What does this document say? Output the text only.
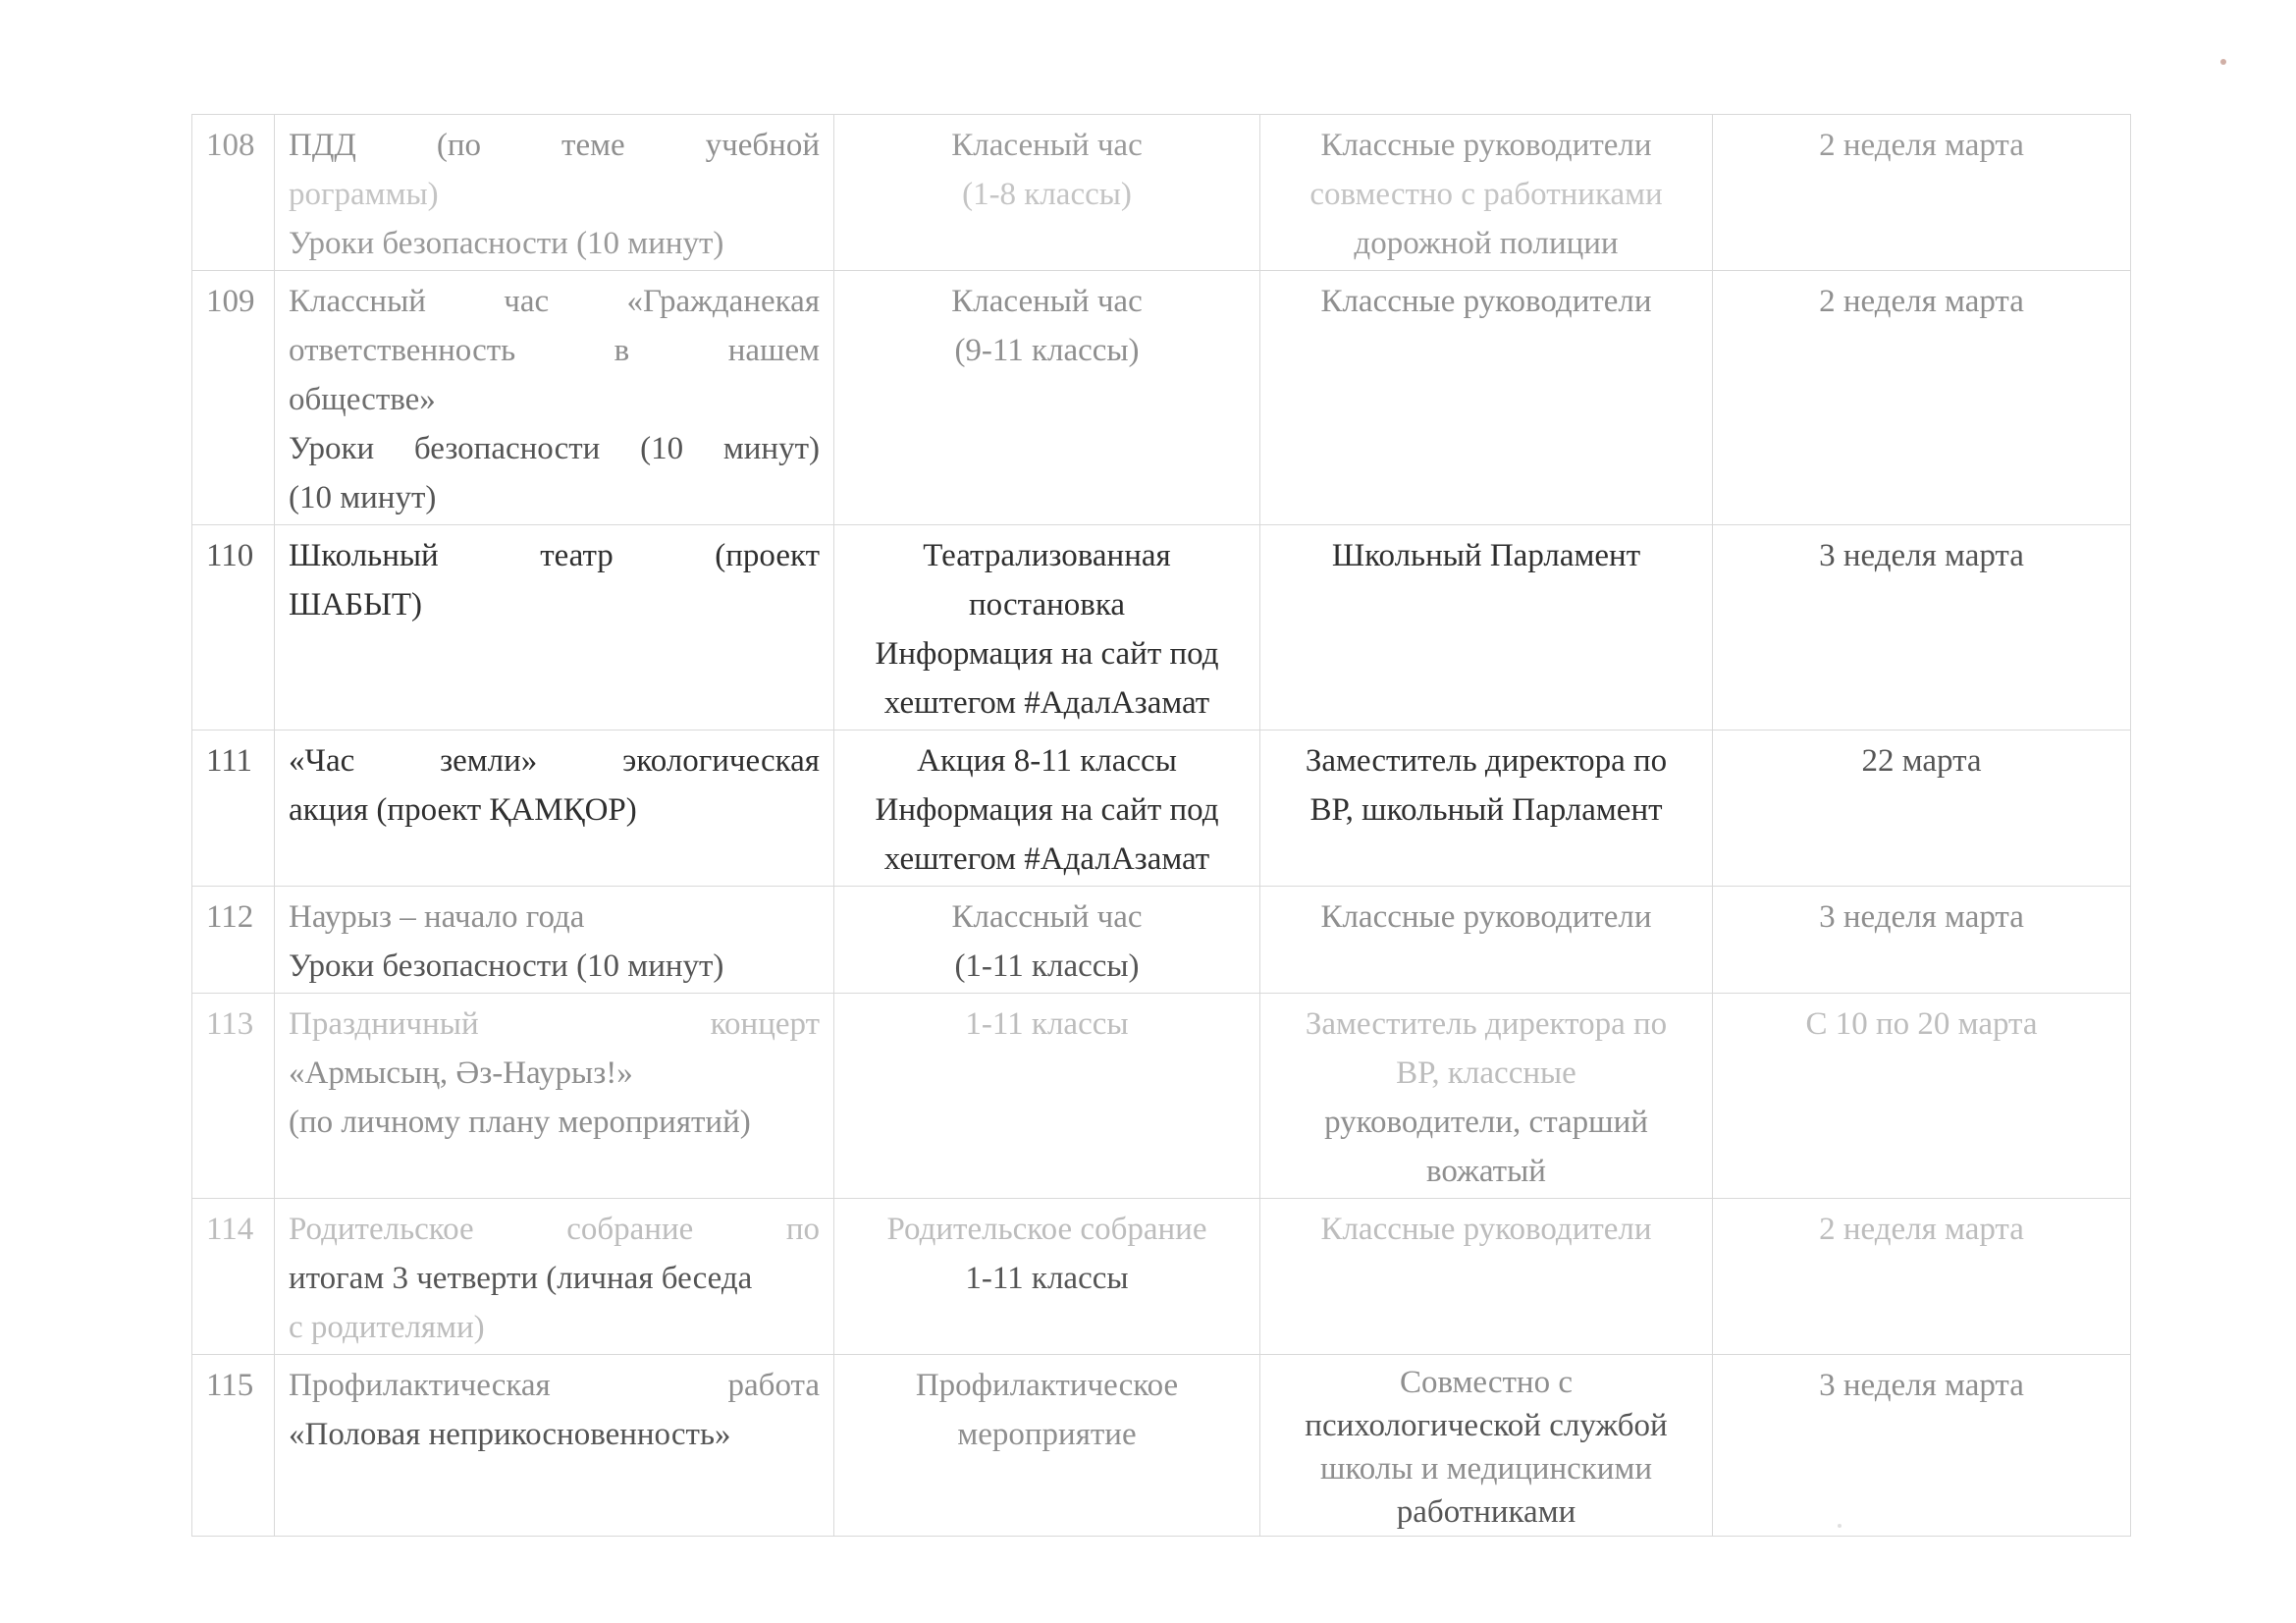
108	ПДД (по теме учебной
рограммы)
Уроки безопасности (10 минут)	Класеный час
(1-8 классы)	Классные руководители
совместно с работниками
дорожной полиции	2 неделя марта
109	Классный час «Гражданекая
ответственность в нашем
обществе»
Уроки безопасности (10 минут)
(10 минут)	Класеный час
(9-11 классы)	Классные руководители	2 неделя марта
110	Школьный театр (проект
ШАБЫТ)	Театрализованная
постановка
Информация на сайт под
хештегом #АдалАзамат	Школьный Парламент	3 неделя марта
111	«Час земли» экологическая
акция (проект ҚАМҚОР)	Акция 8-11 классы
Информация на сайт под
хештегом #АдалАзамат	Заместитель директора по
ВР, школьный Парламент	22 марта
112	Наурыз – начало года
Уроки безопасности (10 минут)	Классный час
(1-11 классы)	Классные руководители	3 неделя марта
113	Праздничный концерт
«Армысың, Әз-Наурыз!»
(по личному плану мероприятий)	1-11 классы	Заместитель директора по
ВР, классные
руководители, старший
вожатый	С 10 по 20 марта
114	Родительское собрание по
итогам 3 четверти (личная беседа
с родителями)	Родительское собрание
1-11 классы	Классные руководители	2 неделя марта
115	Профилактическая работа
«Половая неприкосновенность»	Профилактическое
мероприятие	Совместно с
психологической службой
школы и медицинскими
работниками	3 неделя марта
